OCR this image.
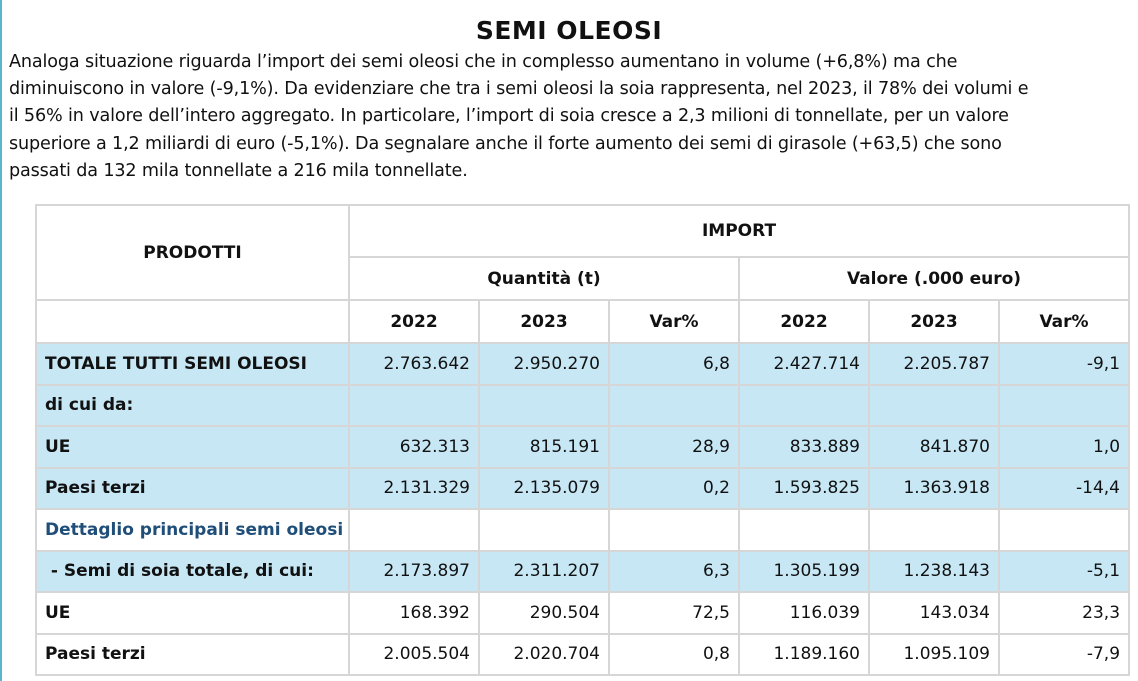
SEMI OLEOSI

Analoga situazione riguarda l’import dei semi oleosi che in complesso aumentano in volume (+6,8%) ma che
diminuiscono in valore (-9,1%). Da evidenziare che tra i semi oleosi la soia rappresenta, nel 2023, il 78% dei volumi e
il 56% in valore dell’intero aggregato. In particolare, l’import di soia cresce a 2,3 milioni di tonnellate, per un valore
superiore a 1,2 miliardi di euro (-5,1%). Da segnalare anche il forte aumento dei semi di girasole (+63,5) che sono
passati da 132 mila tonnellate a 216 mila tonnellate.

PRODOTTI	IMPORT					
	Quantità (t)			Valore (.000 euro)		
	2022	2023	Var%	2022	2023	Var%
TOTALE TUTTI SEMI OLEOSI	2.763.642	2.950.270	6,8	2.427.714	2.205.787	-9,1
di cui da:						
UE	632.313	815.191	28,9	833.889	841.870	1,0
Paesi terzi	2.131.329	2.135.079	0,2	1.593.825	1.363.918	-14,4
Dettaglio principali semi oleosi						
- Semi di soia totale, di cui:	2.173.897	2.311.207	6,3	1.305.199	1.238.143	-5,1
UE	168.392	290.504	72,5	116.039	143.034	23,3
Paesi terzi	2.005.504	2.020.704	0,8	1.189.160	1.095.109	-7,9
